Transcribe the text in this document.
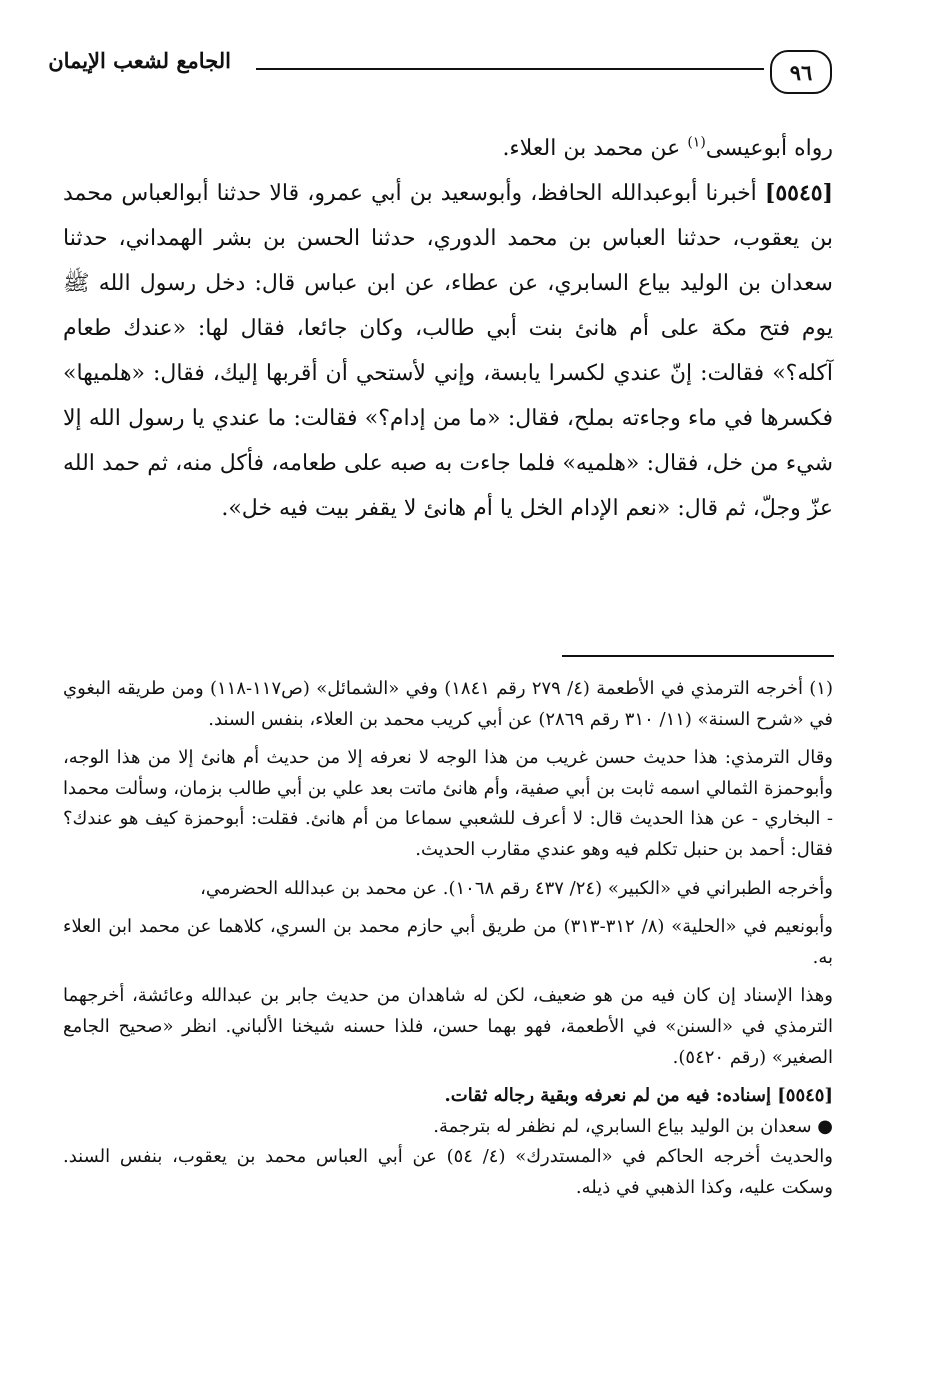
٩٦
الجامع لشعب الإيمان

رواه أبوعيسى$^{(١)}$ عن محمد بن العلاء.

[٥٥٤٥] أخبرنا أبوعبدالله الحافظ، وأبوسعيد بن أبي عمرو، قالا حدثنا أبوالعباس محمد بن يعقوب، حدثنا العباس بن محمد الدوري، حدثنا الحسن بن بشر الهمداني، حدثنا سعدان بن الوليد بياع السابري، عن عطاء، عن ابن عباس قال: دخل رسول الله ﷺ يوم فتح مكة على أم هانئ بنت أبي طالب، وكان جائعا، فقال لها: «عندك طعام آكله؟» فقالت: إنّ عندي لكسرا يابسة، وإني لأستحي أن أقربها إليك، فقال: «هلميها» فكسرها في ماء وجاءته بملح، فقال: «ما من إدام؟» فقالت: ما عندي يا رسول الله إلا شيء من خل، فقال: «هلميه» فلما جاءت به صبه على طعامه، فأكل منه، ثم حمد الله عزّ وجلّ، ثم قال: «نعم الإدام الخل يا أم هانئ لا يقفر بيت فيه خل».

(١) أخرجه الترمذي في الأطعمة (٤/ ٢٧٩ رقم ١٨٤١) وفي «الشمائل» (ص١١٧-١١٨) ومن طريقه البغوي في «شرح السنة» (١١/ ٣١٠ رقم ٢٨٦٩) عن أبي كريب محمد بن العلاء، بنفس السند.

وقال الترمذي: هذا حديث حسن غريب من هذا الوجه لا نعرفه إلا من حديث أم هانئ إلا من هذا الوجه، وأبوحمزة الثمالي اسمه ثابت بن أبي صفية، وأم هانئ ماتت بعد علي بن أبي طالب بزمان، وسألت محمدا - البخاري - عن هذا الحديث قال: لا أعرف للشعبي سماعا من أم هانئ. فقلت: أبوحمزة كيف هو عندك؟ فقال: أحمد بن حنبل تكلم فيه وهو عندي مقارب الحديث.

وأخرجه الطبراني في «الكبير» (٢٤/ ٤٣٧ رقم ١٠٦٨). عن محمد بن عبدالله الحضرمي،

وأبونعيم في «الحلية» (٨/ ٣١٢-٣١٣) من طريق أبي حازم محمد بن السري، كلاهما عن محمد ابن العلاء به.

وهذا الإسناد إن كان فيه من هو ضعيف، لكن له شاهدان من حديث جابر بن عبدالله وعائشة، أخرجهما الترمذي في «السنن» في الأطعمة، فهو بهما حسن، فلذا حسنه شيخنا الألباني. انظر «صحيح الجامع الصغير» (رقم ٥٤٢٠).

[٥٥٤٥] إسناده: فيه من لم نعرفه وبقية رجاله ثقات.

● سعدان بن الوليد بياع السابري، لم نظفر له بترجمة.

والحديث أخرجه الحاكم في «المستدرك» (٤/ ٥٤) عن أبي العباس محمد بن يعقوب، بنفس السند. وسكت عليه، وكذا الذهبي في ذيله.
